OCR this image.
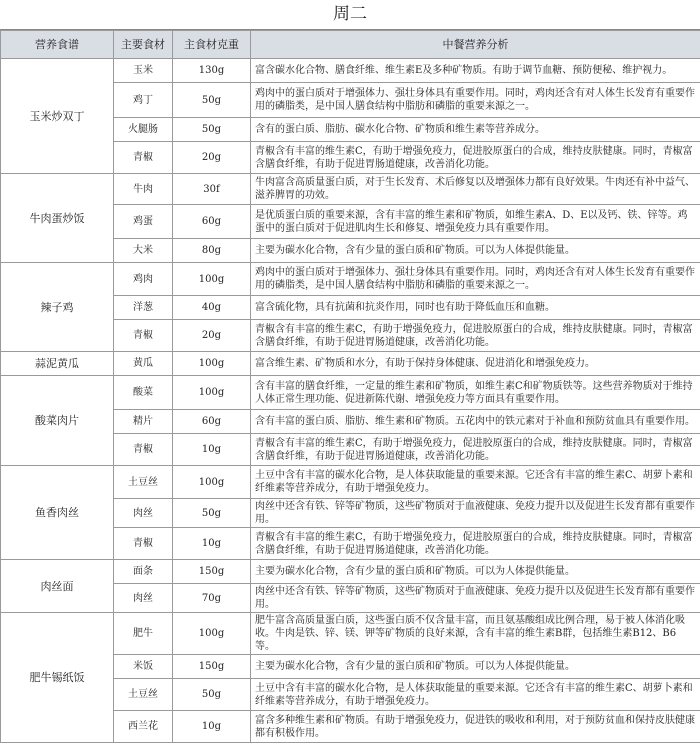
周二
营养食谱	主要食材	主食材克重	中餐营养分析
玉米炒双丁	玉米	130g	富含碳水化合物、膳食纤维、维生素E及多种矿物质。有助于调节血糖、预防便秘、维护视力。
	鸡丁	50g	鸡肉中的蛋白质对于增强体力、强壮身体具有重要作用。同时，鸡肉还含有对人体生长发育有重要作用的磷脂类，是中国人膳食结构中脂肪和磷脂的重要来源之一。
	火腿肠	50g	含有的蛋白质、脂肪、碳水化合物、矿物质和维生素等营养成分。
	青椒	20g	青椒含有丰富的维生素C，有助于增强免疫力，促进胶原蛋白的合成，维持皮肤健康。同时，青椒富含膳食纤维，有助于促进胃肠道健康，改善消化功能。
牛肉蛋炒饭	牛肉	30f	牛肉富含高质量蛋白质，对于生长发育、术后修复以及增强体力都有良好效果。牛肉还有补中益气、滋养脾胃的功效。
	鸡蛋	60g	是优质蛋白质的重要来源，含有丰富的维生素和矿物质，如维生素A、D、E以及钙、铁、锌等。鸡蛋中的蛋白质对于促进肌肉生长和修复、增强免疫力具有重要作用。
	大米	80g	主要为碳水化合物，含有少量的蛋白质和矿物质。可以为人体提供能量。
辣子鸡	鸡肉	100g	鸡肉中的蛋白质对于增强体力、强壮身体具有重要作用。同时，鸡肉还含有对人体生长发育有重要作用的磷脂类，是中国人膳食结构中脂肪和磷脂的重要来源之一。
	洋葱	40g	富含硫化物，具有抗菌和抗炎作用，同时也有助于降低血压和血糖。
	青椒	20g	青椒含有丰富的维生素C，有助于增强免疫力，促进胶原蛋白的合成，维持皮肤健康。同时，青椒富含膳食纤维，有助于促进胃肠道健康，改善消化功能。
蒜泥黄瓜	黄瓜	100g	富含维生素、矿物质和水分，有助于保持身体健康、促进消化和增强免疫力。
酸菜肉片	酸菜	100g	含有丰富的膳食纤维，一定量的维生素和矿物质，如维生素C和矿物质铁等。这些营养物质对于维持人体正常生理功能、促进新陈代谢、增强免疫力等方面具有重要作用。
	精片	60g	含有丰富的蛋白质、脂肪、维生素和矿物质。五花肉中的铁元素对于补血和预防贫血具有重要作用。
	青椒	10g	青椒含有丰富的维生素C，有助于增强免疫力，促进胶原蛋白的合成，维持皮肤健康。同时，青椒富含膳食纤维，有助于促进胃肠道健康，改善消化功能。
鱼香肉丝	土豆丝	100g	土豆中含有丰富的碳水化合物，是人体获取能量的重要来源。它还含有丰富的维生素C、胡萝卜素和纤维素等营养成分，有助于增强免疫力。
	肉丝	50g	肉丝中还含有铁、锌等矿物质，这些矿物质对于血液健康、免疫力提升以及促进生长发育都有重要作用。
	青椒	10g	青椒含有丰富的维生素C，有助于增强免疫力，促进胶原蛋白的合成，维持皮肤健康。同时，青椒富含膳食纤维，有助于促进胃肠道健康，改善消化功能。
肉丝面	面条	150g	主要为碳水化合物，含有少量的蛋白质和矿物质。可以为人体提供能量。
	肉丝	70g	肉丝中还含有铁、锌等矿物质，这些矿物质对于血液健康、免疫力提升以及促进生长发育都有重要作用。
肥牛锡纸饭	肥牛	100g	肥牛富含高质量蛋白质，这些蛋白质不仅含量丰富，而且氨基酸组成比例合理，易于被人体消化吸收。牛肉是铁、锌、镁、钾等矿物质的良好来源，含有丰富的维生素B群，包括维生素B12、B6等。
	米饭	150g	主要为碳水化合物，含有少量的蛋白质和矿物质。可以为人体提供能量。
	土豆丝	50g	土豆中含有丰富的碳水化合物，是人体获取能量的重要来源。它还含有丰富的维生素C、胡萝卜素和纤维素等营养成分，有助于增强免疫力。
	西兰花	10g	富含多种维生素和矿物质。有助于增强免疫力，促进铁的吸收和利用，对于预防贫血和保持皮肤健康都有积极作用。
